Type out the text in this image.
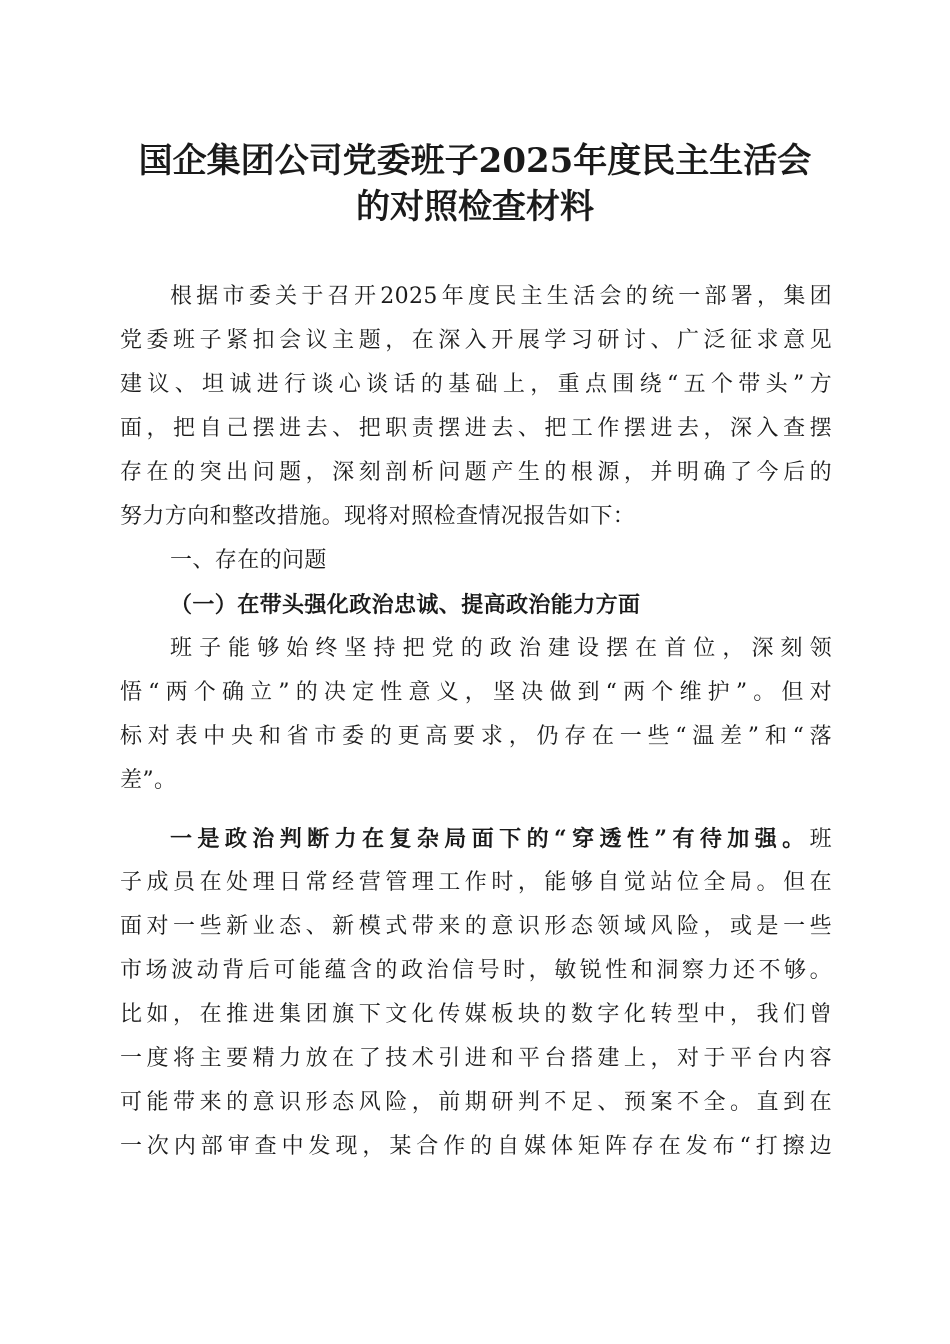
国企集团公司党委班子2025年度民主生活会
的对照检查材料
根据市委关于召开2025年度民主生活会的统一部署，集团
党委班子紧扣会议主题，在深入开展学习研讨、广泛征求意见
建议、坦诚进行谈心谈话的基础上，重点围绕“五个带头”方
面，把自己摆进去、把职责摆进去、把工作摆进去，深入查摆
存在的突出问题，深刻剖析问题产生的根源，并明确了今后的
努力方向和整改措施。现将对照检查情况报告如下：
一、存在的问题
（一）在带头强化政治忠诚、提高政治能力方面
班子能够始终坚持把党的政治建设摆在首位，深刻领
悟“两个确立”的决定性意义，坚决做到“两个维护”。但对
标对表中央和省市委的更高要求，仍存在一些“温差”和“落
差”。
一是政治判断力在复杂局面下的“穿透性”有待加强。班
子成员在处理日常经营管理工作时，能够自觉站位全局。但在
面对一些新业态、新模式带来的意识形态领域风险，或是一些
市场波动背后可能蕴含的政治信号时，敏锐性和洞察力还不够。
比如，在推进集团旗下文化传媒板块的数字化转型中，我们曾
一度将主要精力放在了技术引进和平台搭建上，对于平台内容
可能带来的意识形态风险，前期研判不足、预案不全。直到在
一次内部审查中发现，某合作的自媒体矩阵存在发布“打擦边
